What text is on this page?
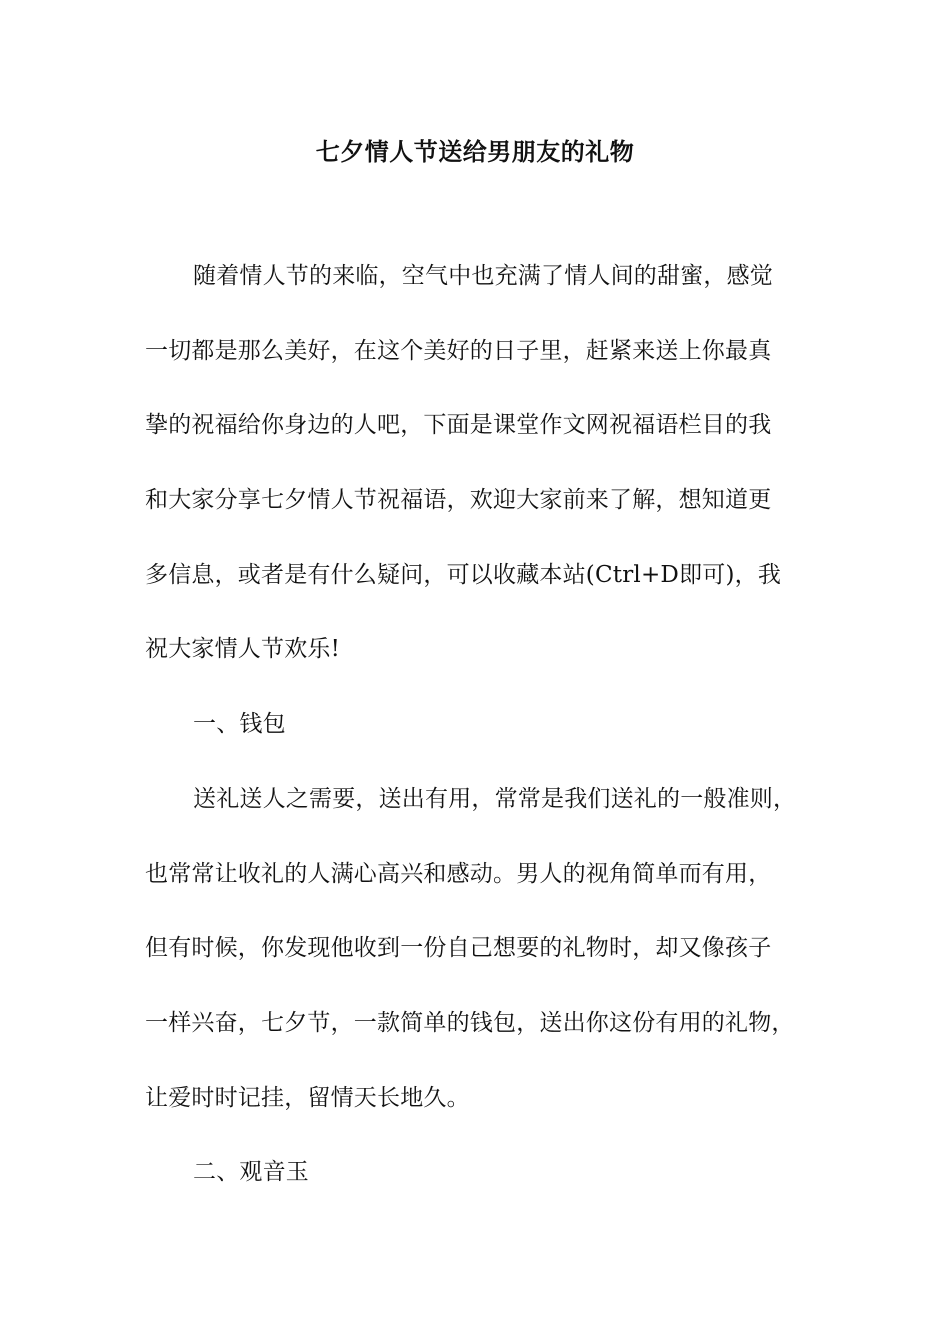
七夕情人节送给男朋友的礼物
随着情人节的来临，空气中也充满了情人间的甜蜜，感觉
一切都是那么美好，在这个美好的日子里，赶紧来送上你最真
挚的祝福给你身边的人吧，下面是课堂作文网祝福语栏目的我
和大家分享七夕情人节祝福语，欢迎大家前来了解，想知道更
多信息，或者是有什么疑问，可以收藏本站(Ctrl+D即可)，我
祝大家情人节欢乐!
一、钱包
送礼送人之需要，送出有用，常常是我们送礼的一般准则，
也常常让收礼的人满心高兴和感动。男人的视角简单而有用，
但有时候，你发现他收到一份自己想要的礼物时，却又像孩子
一样兴奋，七夕节，一款简单的钱包，送出你这份有用的礼物，
让爱时时记挂，留情天长地久。
二、观音玉
